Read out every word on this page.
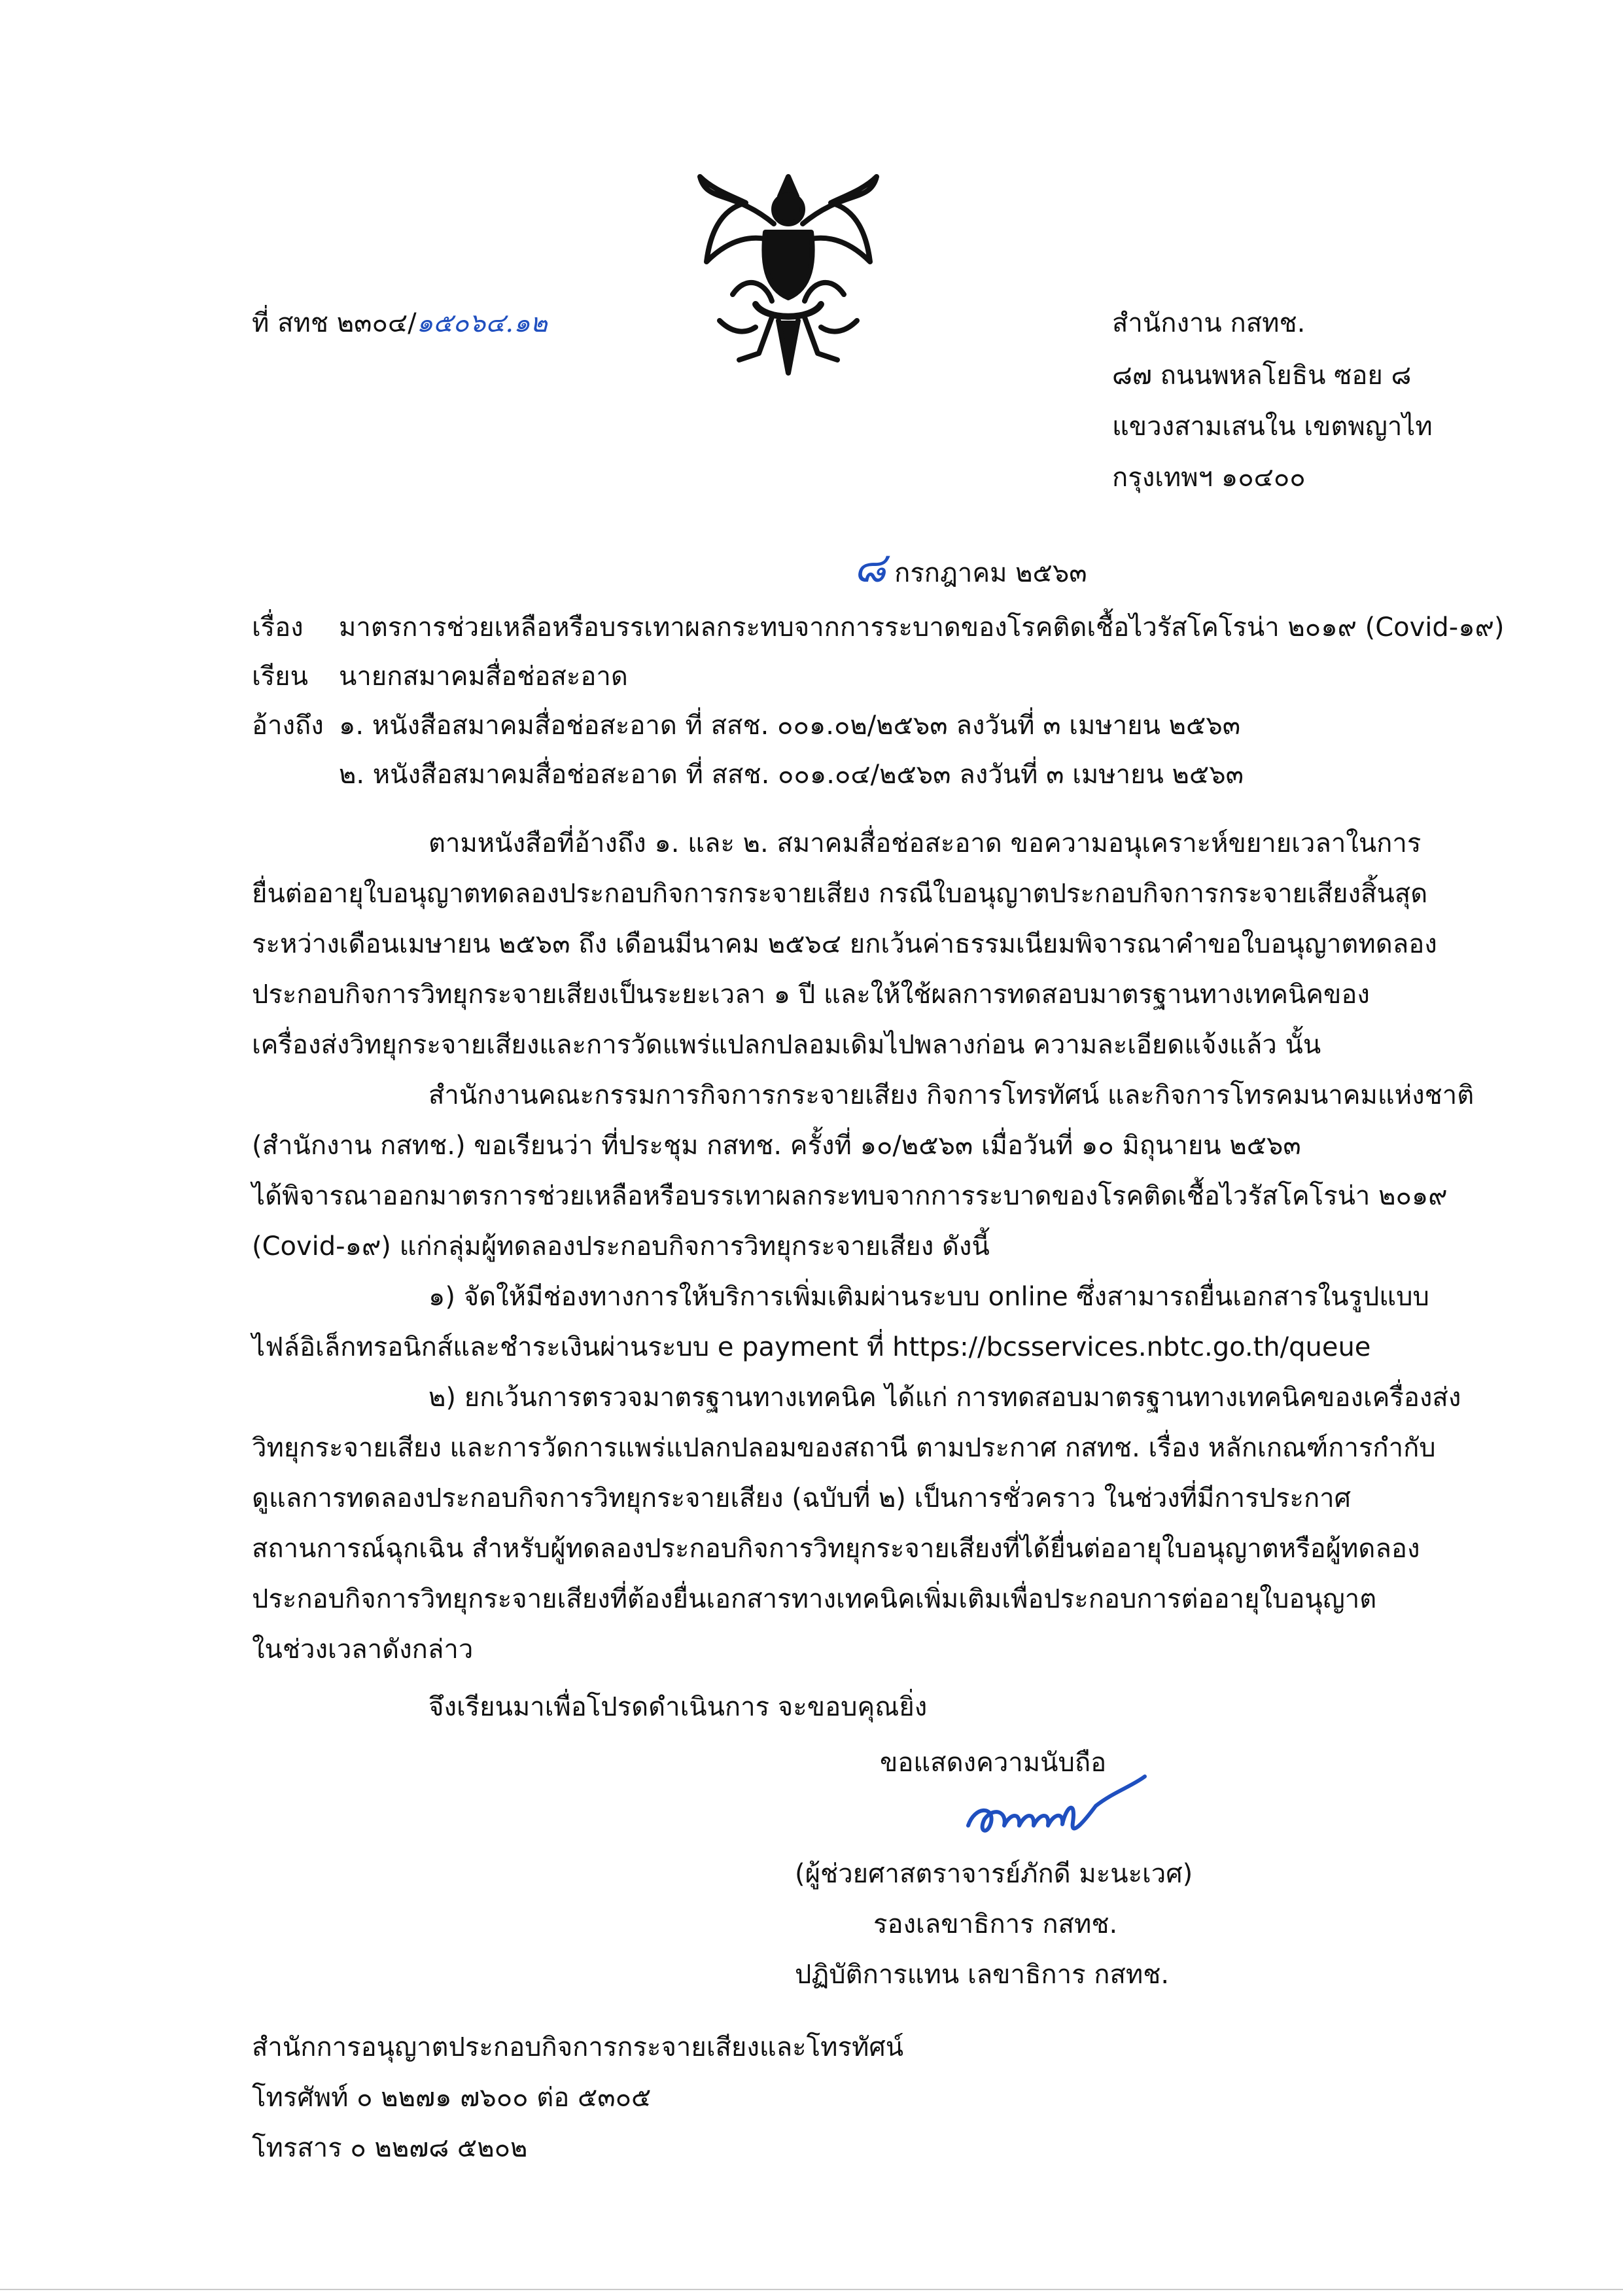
ที่ สทช ๒๓๐๔/๑๕๐๖๔.๑๒	สำนักงาน กสทช.
๘๗ ถนนพหลโยธิน ซอย ๘
แขวงสามเสนใน เขตพญาไท
กรุงเทพฯ ๑๐๔๐๐
๘ กรกฎาคม ๒๕๖๓
เรื่อง มาตรการช่วยเหลือหรือบรรเทาผลกระทบจากการระบาดของโรคติดเชื้อไวรัสโคโรน่า ๒๐๑๙ (Covid-๑๙)
เรียน นายกสมาคมสื่อช่อสะอาด
อ้างถึง ๑. หนังสือสมาคมสื่อช่อสะอาด ที่ สสช. ๐๐๑.๐๒/๒๕๖๓ ลงวันที่ ๓ เมษายน ๒๕๖๓
๒. หนังสือสมาคมสื่อช่อสะอาด ที่ สสช. ๐๐๑.๐๔/๒๕๖๓ ลงวันที่ ๓ เมษายน ๒๕๖๓
ตามหนังสือที่อ้างถึง ๑. และ ๒. สมาคมสื่อช่อสะอาด ขอความอนุเคราะห์ขยายเวลาในการ
ยื่นต่ออายุใบอนุญาตทดลองประกอบกิจการกระจายเสียง กรณีใบอนุญาตประกอบกิจการกระจายเสียงสิ้นสุด
ระหว่างเดือนเมษายน ๒๕๖๓ ถึง เดือนมีนาคม ๒๕๖๔ ยกเว้นค่าธรรมเนียมพิจารณาคำขอใบอนุญาตทดลอง
ประกอบกิจการวิทยุกระจายเสียงเป็นระยะเวลา ๑ ปี และให้ใช้ผลการทดสอบมาตรฐานทางเทคนิคของ
เครื่องส่งวิทยุกระจายเสียงและการวัดแพร่แปลกปลอมเดิมไปพลางก่อน ความละเอียดแจ้งแล้ว นั้น
สำนักงานคณะกรรมการกิจการกระจายเสียง กิจการโทรทัศน์ และกิจการโทรคมนาคมแห่งชาติ
(สำนักงาน กสทช.) ขอเรียนว่า ที่ประชุม กสทช. ครั้งที่ ๑๐/๒๕๖๓ เมื่อวันที่ ๑๐ มิถุนายน ๒๕๖๓
ได้พิจารณาออกมาตรการช่วยเหลือหรือบรรเทาผลกระทบจากการระบาดของโรคติดเชื้อไวรัสโคโรน่า ๒๐๑๙
(Covid-๑๙) แก่กลุ่มผู้ทดลองประกอบกิจการวิทยุกระจายเสียง ดังนี้
๑) จัดให้มีช่องทางการให้บริการเพิ่มเติมผ่านระบบ online ซึ่งสามารถยื่นเอกสารในรูปแบบ
ไฟล์อิเล็กทรอนิกส์และชำระเงินผ่านระบบ e payment ที่ https://bcsservices.nbtc.go.th/queue
๒) ยกเว้นการตรวจมาตรฐานทางเทคนิค ได้แก่ การทดสอบมาตรฐานทางเทคนิคของเครื่องส่ง
วิทยุกระจายเสียง และการวัดการแพร่แปลกปลอมของสถานี ตามประกาศ กสทช. เรื่อง หลักเกณฑ์การกำกับ
ดูแลการทดลองประกอบกิจการวิทยุกระจายเสียง (ฉบับที่ ๒) เป็นการชั่วคราว ในช่วงที่มีการประกาศ
สถานการณ์ฉุกเฉิน สำหรับผู้ทดลองประกอบกิจการวิทยุกระจายเสียงที่ได้ยื่นต่ออายุใบอนุญาตหรือผู้ทดลอง
ประกอบกิจการวิทยุกระจายเสียงที่ต้องยื่นเอกสารทางเทคนิคเพิ่มเติมเพื่อประกอบการต่ออายุใบอนุญาต
ในช่วงเวลาดังกล่าว
จึงเรียนมาเพื่อโปรดดำเนินการ จะขอบคุณยิ่ง
ขอแสดงความนับถือ
(ผู้ช่วยศาสตราจารย์ภักดี มะนะเวศ)
รองเลขาธิการ กสทช.
ปฏิบัติการแทน เลขาธิการ กสทช.
สำนักการอนุญาตประกอบกิจการกระจายเสียงและโทรทัศน์
โทรศัพท์ ๐ ๒๒๗๑ ๗๖๐๐ ต่อ ๕๓๐๕
โทรสาร ๐ ๒๒๗๘ ๕๒๐๒
